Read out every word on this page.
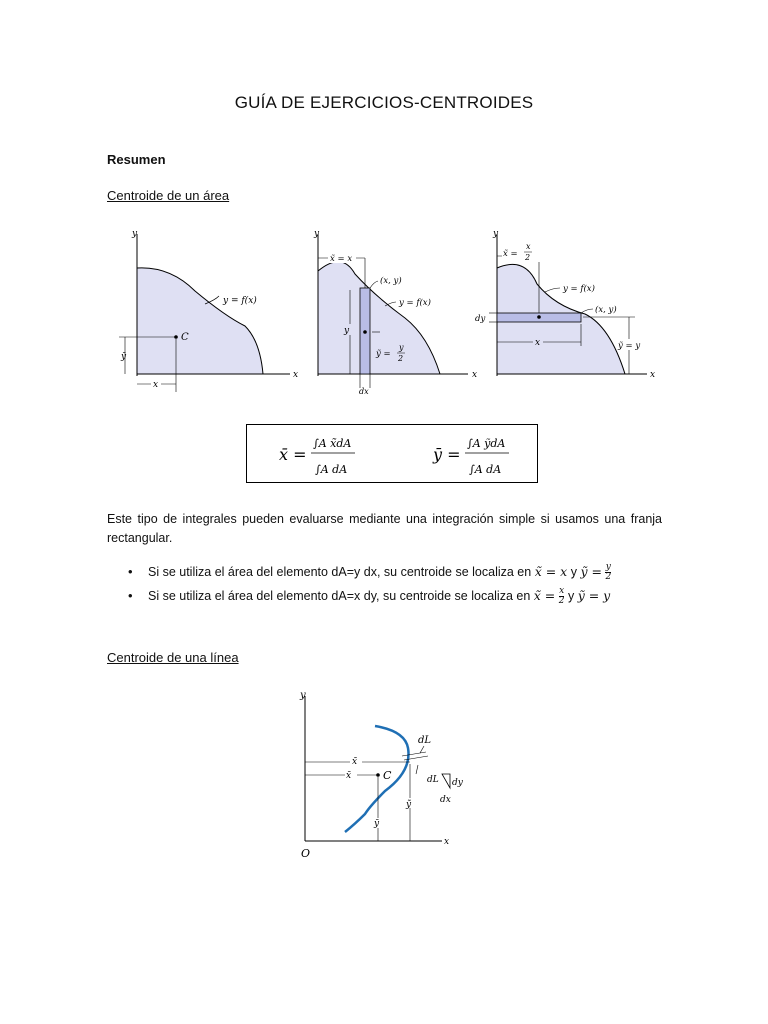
GUÍA DE EJERCICIOS-CENTROIDES
Resumen
Centroide de un área
y
x
y = f(x)
C
ȳ
x
y
x
x̃ = x
(x, y)
y = f(x)
y
ỹ =
y
2
dx
y
x
x̃ =
x
2
y = f(x)
(x, y)
dy
x	ỹ = y
x̄ =
∫A x̃dA
∫A dA
ȳ =
∫A ỹdA
∫A dA
Este tipo de integrales pueden evaluarse mediante una integración simple si usamos una franja rectangular.
• Si se utiliza el área del elemento dA=y dx, su centroide se localiza en x̃ = x y ỹ = $\frac{y}{2}$
• Si se utiliza el área del elemento dA=x dy, su centroide se localiza en x̃ = $\frac{x}{2}$ y ỹ = y
Centroide de una línea
y
x
O
x̃
x̄	C
ȳ
ỹ
dL
dL dy
dx
